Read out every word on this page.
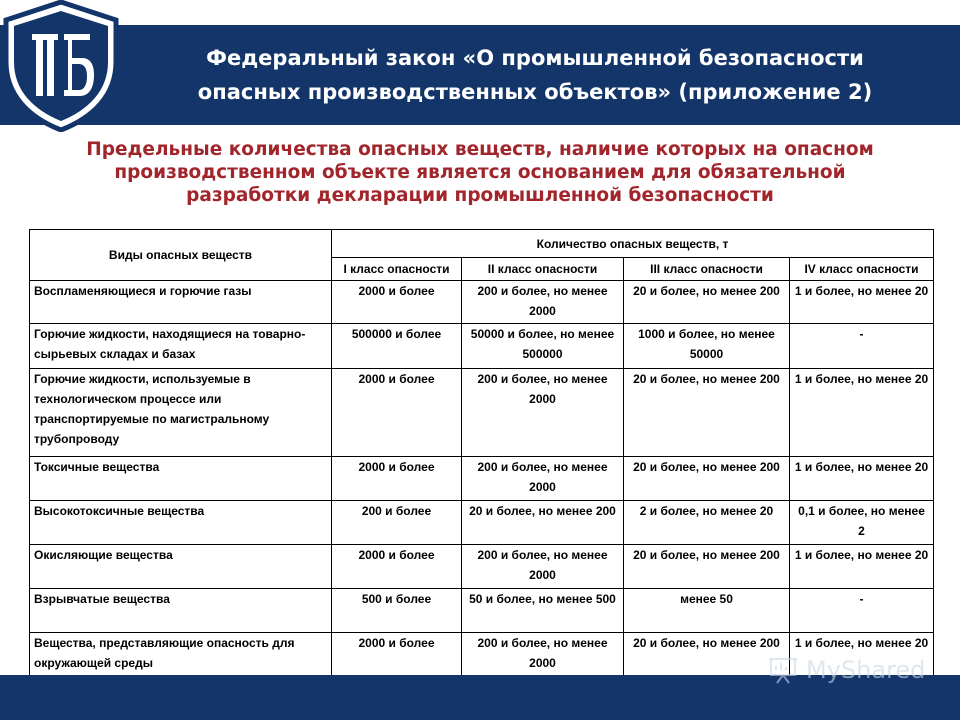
Федеральный закон «О промышленной безопасности
опасных производственных объектов» (приложение 2)
Предельные количества опасных веществ, наличие которых на опасном
производственном объекте является основанием для обязательной
разработки декларации промышленной безопасности
Виды опасных веществ	Количество опасных веществ, т			
	I класс опасности	II класс опасности	III класс опасности	IV класс опасности
Воспламеняющиеся и горючие газы	2000 и более	200 и более, но менее 2000	20 и более, но менее 200	1 и более, но менее 20
Горючие жидкости, находящиеся на товарно-сырьевых складах и базах	500000 и более	50000 и более, но менее 500000	1000 и более, но менее 50000	-
Горючие жидкости, используемые в технологическом процессе или транспортируемые по магистральному трубопроводу	2000 и более	200 и более, но менее 2000	20 и более, но менее 200	1 и более, но менее 20
Токсичные вещества	2000 и более	200 и более, но менее 2000	20 и более, но менее 200	1 и более, но менее 20
Высокотоксичные вещества	200 и более	20 и более, но менее 200	2 и более, но менее 20	0,1 и более, но менее 2
Окисляющие вещества	2000 и более	200 и более, но менее 2000	20 и более, но менее 200	1 и более, но менее 20
Взрывчатые вещества	500 и более	50 и более, но менее 500	менее 50	-
Вещества, представляющие опасность для окружающей среды	2000 и более	200 и более, но менее 2000	20 и более, но менее 200	1 и более, но менее 20
MyShared
